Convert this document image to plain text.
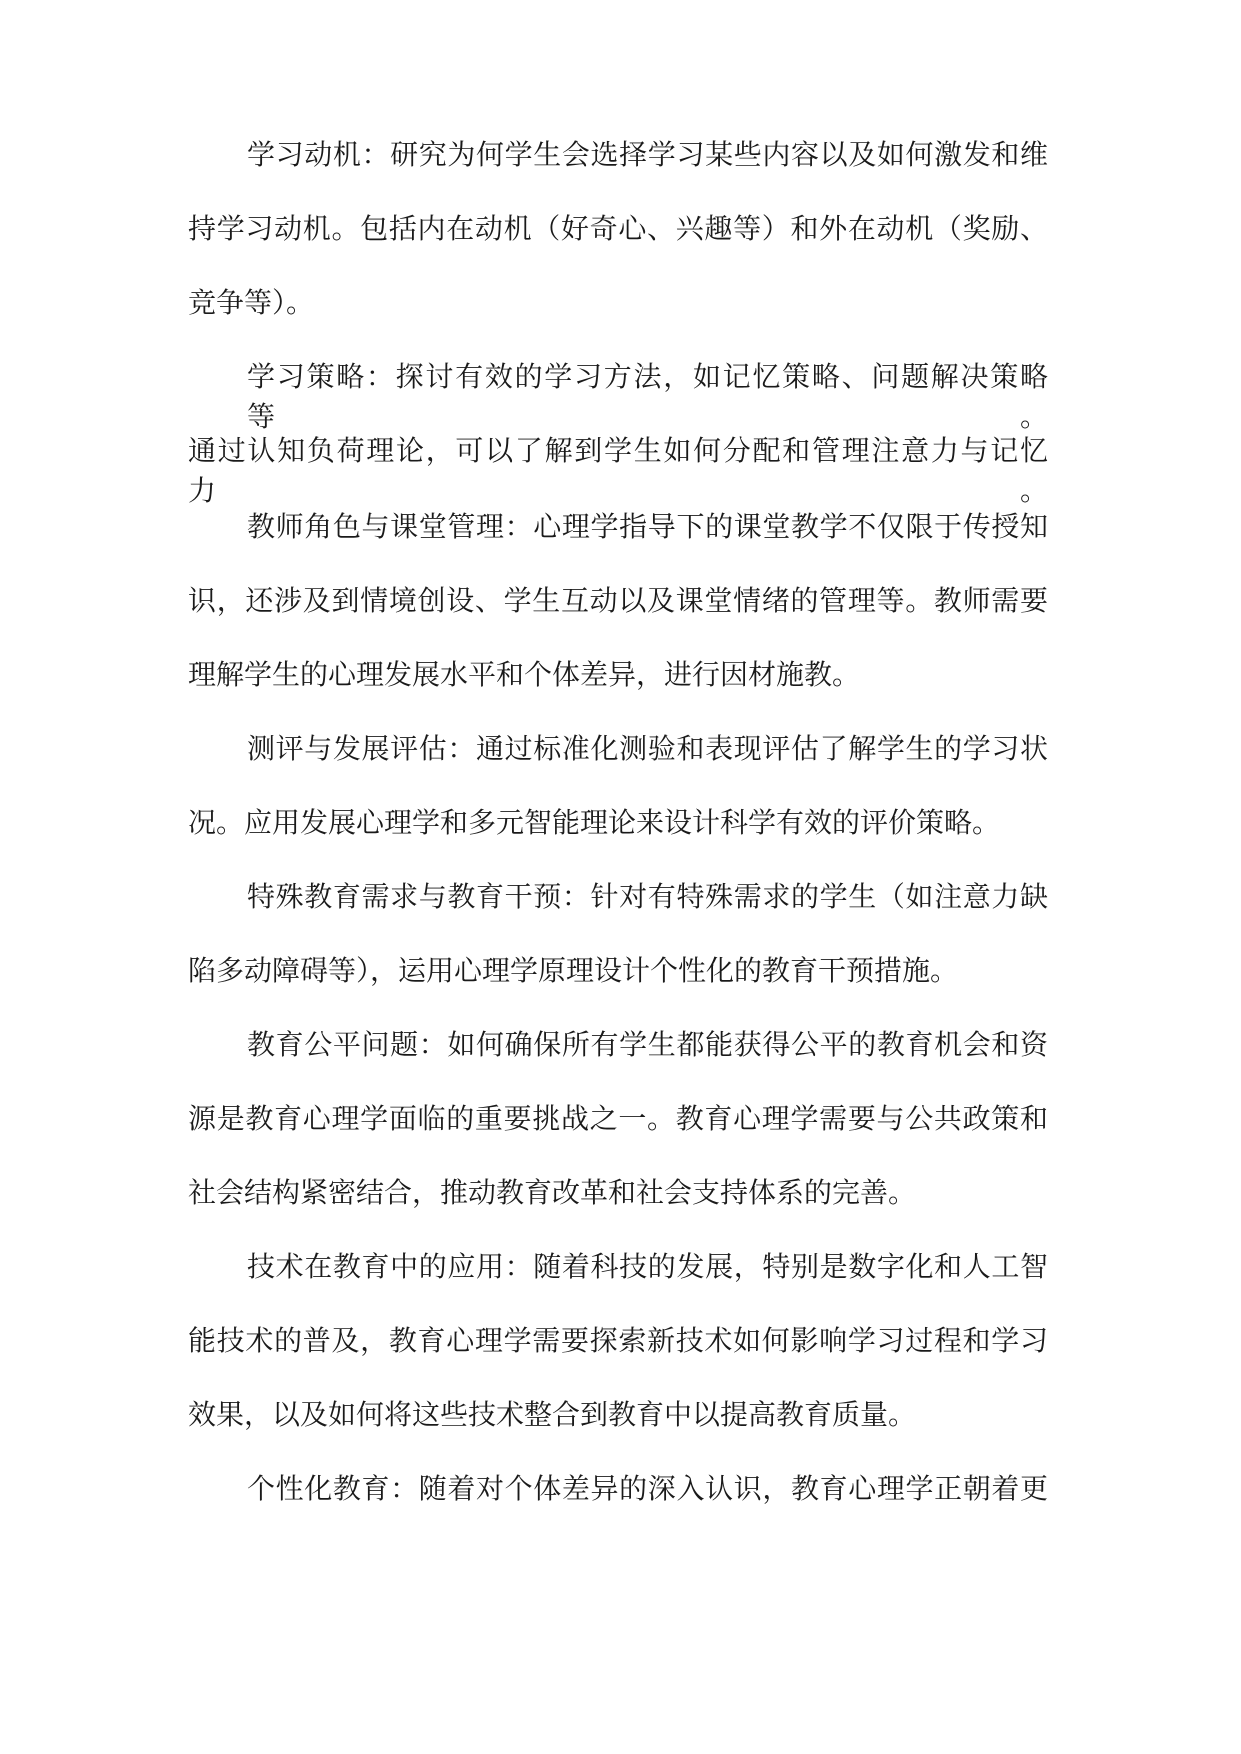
学习动机：研究为何学生会选择学习某些内容以及如何激发和维

持学习动机。包括内在动机（好奇心、兴趣等）和外在动机（奖励、

竞争等）。

学习策略：探讨有效的学习方法，如记忆策略、问题解决策略等。

通过认知负荷理论，可以了解到学生如何分配和管理注意力与记忆力。

教师角色与课堂管理：心理学指导下的课堂教学不仅限于传授知

识，还涉及到情境创设、学生互动以及课堂情绪的管理等。教师需要

理解学生的心理发展水平和个体差异，进行因材施教。

测评与发展评估：通过标准化测验和表现评估了解学生的学习状

况。应用发展心理学和多元智能理论来设计科学有效的评价策略。

特殊教育需求与教育干预：针对有特殊需求的学生（如注意力缺

陷多动障碍等），运用心理学原理设计个性化的教育干预措施。

教育公平问题：如何确保所有学生都能获得公平的教育机会和资

源是教育心理学面临的重要挑战之一。教育心理学需要与公共政策和

社会结构紧密结合，推动教育改革和社会支持体系的完善。

技术在教育中的应用：随着科技的发展，特别是数字化和人工智

能技术的普及，教育心理学需要探索新技术如何影响学习过程和学习

效果，以及如何将这些技术整合到教育中以提高教育质量。

个性化教育：随着对个体差异的深入认识，教育心理学正朝着更
